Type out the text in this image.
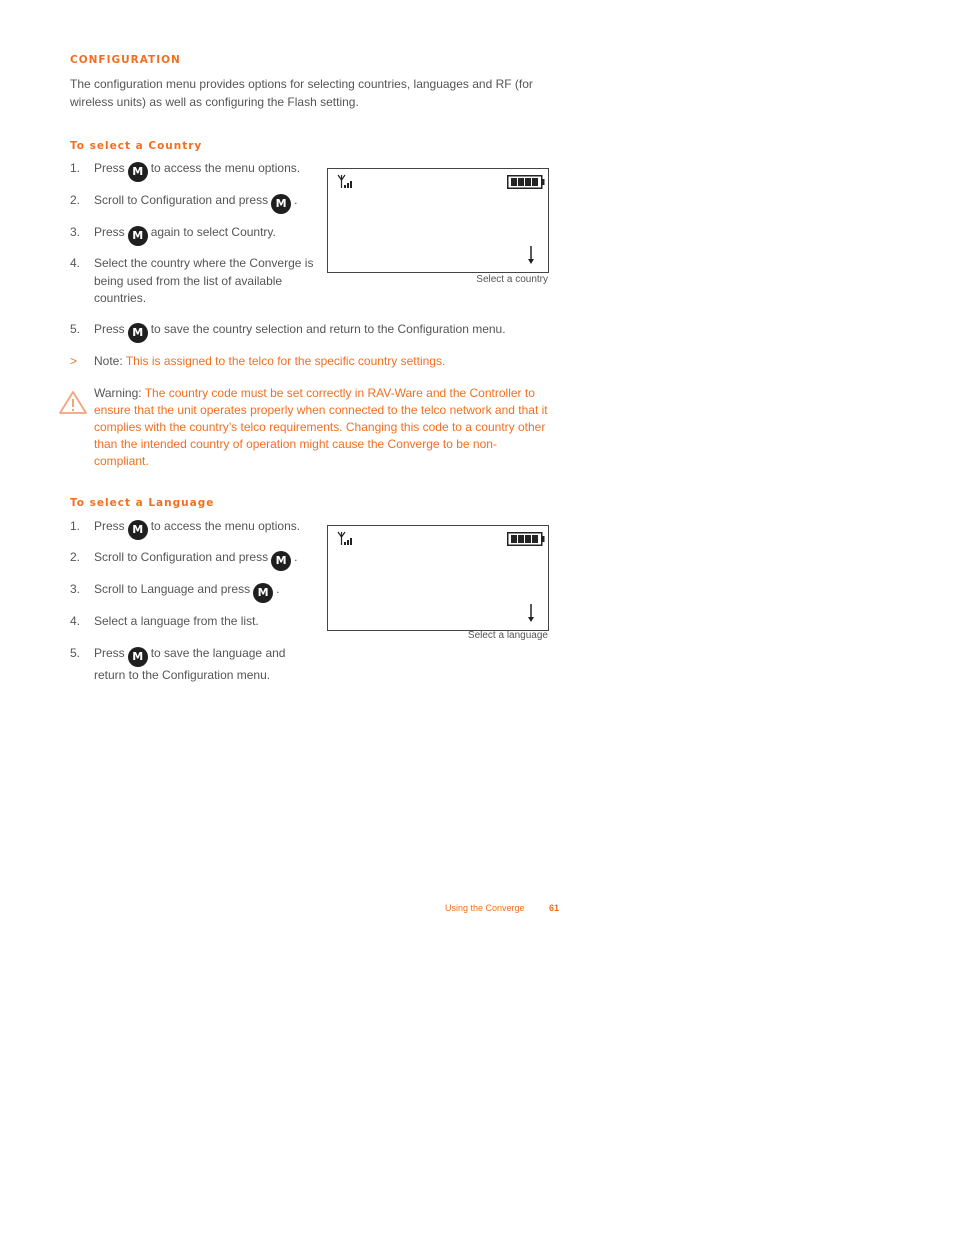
CONFIGURATION
The configuration menu provides options for selecting countries, languages and RF (for wireless units) as well as configuring the Flash setting.
To select a Country
1. Press M to access the menu options.
2. Scroll to Configuration and press M .
3. Press M again to select Country.
4. Select the country where the Converge is
being used from the list of available
countries.
Select a country
5. Press M to save the country selection and return to the Configuration menu.
> Note: This is assigned to the telco for the specific country settings.
Warning: The country code must be set correctly in RAV-Ware and the Controller to
ensure that the unit operates properly when connected to the telco network and that it
complies with the country’s telco requirements. Changing this code to a country other
than the intended country of operation might cause the Converge to be non-
compliant.
To select a Language
1. Press M to access the menu options.
2. Scroll to Configuration and press M .
3. Scroll to Language and press M .
4. Select a language from the list.
5. Press M to save the language and
return to the Configuration menu.
Select a language
Using the Converge	61
